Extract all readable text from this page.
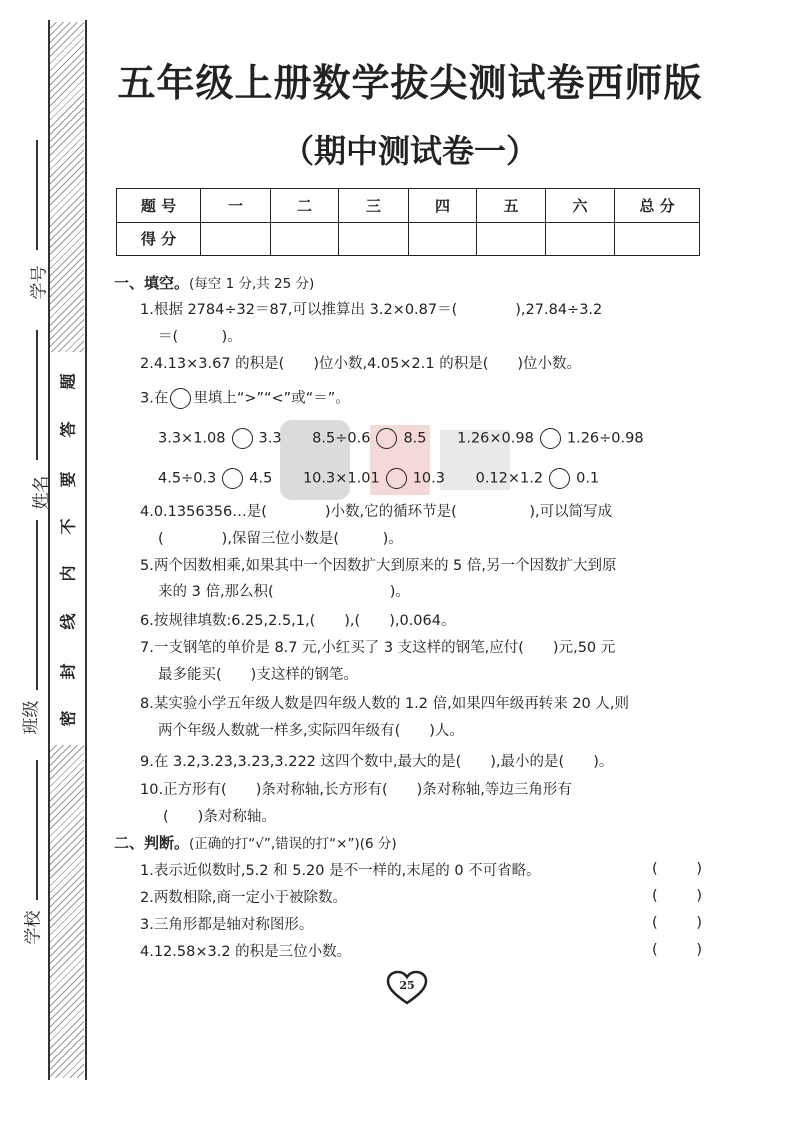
学号
姓名
班级
学校
题
答
要
不
内
线
封
密
五年级上册数学拔尖测试卷西师版
（期中测试卷一）
题 号	一	二	三	四	五	六	总 分
得 分							
一、填空。(每空 1 分,共 25 分)
1.根据 2784÷32＝87,可以推算出 3.2×0.87＝(　　　　),27.84÷3.2
＝(　　　)。
2.4.13×3.67 的积是(　　)位小数,4.05×2.1 的积是(　　)位小数。
3.在 里填上“>”“<”或“＝”。
3.3×1.08 3.3 8.5÷0.6 8.5 1.26×0.98 1.26÷0.98
4.5÷0.3 4.5 10.3×1.01 10.3 0.12×1.2 0.1
4.0.1356356…是(　　　　)小数,它的循环节是(　　　　　),可以简写成
(　　　　),保留三位小数是(　　　)。
5.两个因数相乘,如果其中一个因数扩大到原来的 5 倍,另一个因数扩大到原
来的 3 倍,那么积(　　　　　　　　)。
6.按规律填数:6.25,2.5,1,(　　),(　　),0.064。
7.一支钢笔的单价是 8.7 元,小红买了 3 支这样的钢笔,应付(　　)元,50 元
最多能买(　　)支这样的钢笔。
8.某实验小学五年级人数是四年级人数的 1.2 倍,如果四年级再转来 20 人,则
两个年级人数就一样多,实际四年级有(　　)人。
9.在 3.2,3.2̇3̇,3.23̇,3.222 这四个数中,最大的是(　　),最小的是(　　)。
10.正方形有(　　)条对称轴,长方形有(　　)条对称轴,等边三角形有
(　　)条对称轴。
二、判断。(正确的打“√”,错误的打“×”)(6 分)
1.表示近似数时,5.2 和 5.20 是不一样的,末尾的 0 不可省略。	(	)
2.两数相除,商一定小于被除数。	(	)
3.三角形都是轴对称图形。	(	)
4.12.58×3.2 的积是三位小数。	(	)
25
